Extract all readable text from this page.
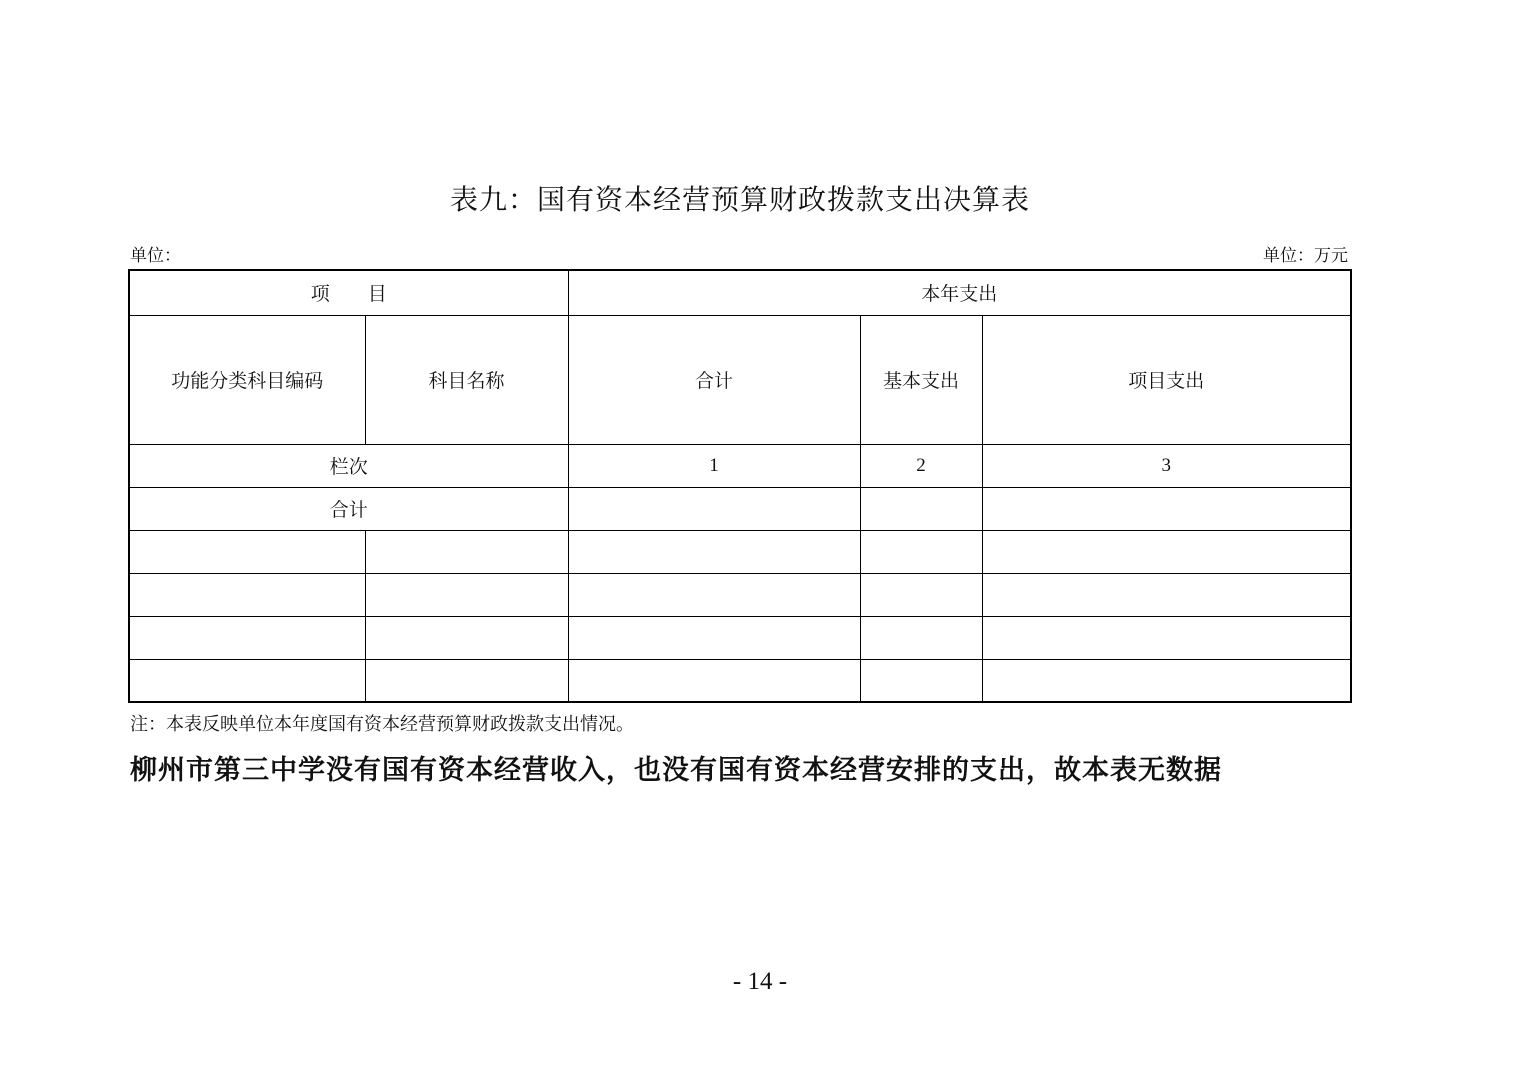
表九：国有资本经营预算财政拨款支出决算表
单位：	单位：万元
项　　目		本年支出		
功能分类科目编码	科目名称	合计	基本支出	项目支出
栏次		1	2	3
合计				

注：本表反映单位本年度国有资本经营预算财政拨款支出情况。
柳州市第三中学没有国有资本经营收入，也没有国有资本经营安排的支出，故本表无数据
- 14 -
